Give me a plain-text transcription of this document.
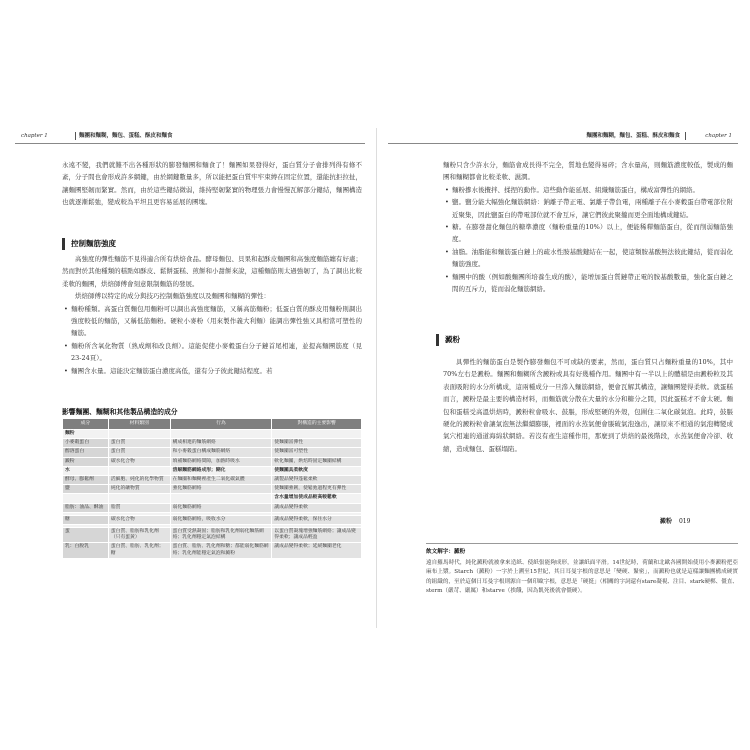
chapter 1	麵團和麵糊，麵包、蛋糕、酥皮和麵食

永遠不變，我們就難不出各種形狀的膨發麵團和麵食了！麵團如果發得好，蛋白質分子會排列得有條不紊，分子間也會形成許多網鍵，由於網鍵數量多，所以能把蛋白質牢牢束縛在固定位置，還能抗拒拉扯，讓麵團堅韌而緊實。然而，由於這些鍵結微弱，維持堅韌緊實的物理張力會慢慢瓦解部分鍵結，麵團構造也就逐漸鬆弛，變成較為平坦且更容易延展的團塊。

控制麵筋強度

高強度的彈性麵筋不見得適合所有烘焙食品。酵母麵包、貝果和起酥皮麵團和高強度麵筋纏有好處；然而對於其他種類的糕點如酥皮、鬆餅蛋糕、煎餅和小甜餅來說，這種麵筋則太過強韌了，為了調出比較柔軟的麵團，烘焙師傅會刻意限制麵筋的發展。

烘焙師傅以特定的成分與技巧控制麵筋強度以及麵團和麵糊的彈性：

• 麵粉種類。高蛋白質麵包用麵粉可以調出高強度麵筋，又稱高筋麵粉；低蛋白質的酥皮用麵粉則調出強度較低的麵筋，又稱低筋麵粉。硬粒小麥粉（用來製作義大利麵）能調出彈性強又具相當可塑性的麵筋。

• 麵粉所含氧化物質（熟成劑和改良劑）。這能促使小麥穀蛋白分子鏈首尾相連，並提高麵團筋度（見23-24頁）。

• 麵團含水量。這能決定麵筋蛋白濃度高低，還有分子彼此鍵結程度。若

影響麵團、麵糊和其他製品構造的成分
成分	材料類別	行為	對構造的主要影響
麵粉			
小麥穀蛋白	蛋白質	構成相連的麵筋網絡	使麵團富彈性
醇溶蛋白	蛋白質	和小麥穀蛋白構成麵筋網絡	使麵團富可塑性
澱粉	碳水化合物	填補麵筋網絡間隙，加熱時吸水	軟化麵團，烘焙時固定麵團結構
水		溶解麵筋網絡成形；糊化	使麵團具柔軟度
酵母、膨鬆劑	活細胞、純化的化學物質	在麵團和麵糊裡產生二氧化碳氣體	讓製品變得蓬鬆柔軟
鹽	純化的礦物質	強化麵筋網絡	使麵團強韌，使鬆弛過程更有彈性
			含水量增加使成品較高較鬆軟
脂肪：油品、酥油	脂質	弱化麵筋網絡	讓成品變得柔軟

糖	碳水化合物	弱化麵筋網絡，吸收水分	讓成品變得柔軟，保住水分

蛋	蛋白質、脂肪和乳化劑（只有蛋黃）	蛋白質受熱凝固；脂肪和乳化劑弱化麵筋網絡；乳化劑穩定氣泡結構	以蛋白質凝塊增強麵筋網絡；讓成品變得柔軟；讓成品輕盈
乳：白脫乳	蛋白質、脂肪、乳化劑；糖	蛋白質、脂肪、乳化劑和糖；都能弱化麵筋網絡；乳化劑能穩定氣泡和澱粉	讓成品變得柔軟；延緩麵團老化
麵團和麵糊，麵包、蛋糕、酥皮和麵食	chapter 1

麵粉只含少許水分，麵筋會成長得不完全，質地也變得易碎；含水量高，則麵筋濃度較低，製成的麵團和麵糊都會比較柔軟、濕潤。

• 麵粉摻水後攪拌、揉捏的動作。這些動作能延展、組織麵筋蛋白，構成富彈性的網絡。

• 鹽。鹽分能大幅強化麵筋網絡：鈉離子帶正電、氯離子帶負電，兩種離子在小麥穀蛋白帶電部位附近聚集，因此鹽蛋白的帶電部位就不會互斥，讓它們彼此聚攏而更全面地構成鍵結。

• 糖。在膨發甜化麵包的糖準濃度（麵粉重量的10%）以上，便能稀釋麵筋蛋白，從而削弱麵筋強度。

• 油脂。油脂能和麵筋蛋白鏈上的疏水性胺基酸鍵結在一起，使這類胺基酸無法彼此鍵結，從而弱化麵筋強度。

• 麵團中的酸（例如酸麵團所培養生成的酸），能增加蛋白質鏈帶正電的胺基酸數量，強化蛋白鏈之間的互斥力，從而弱化麵筋網絡。

澱粉

具彈性的麵筋蛋白是製作膨發麵包不可或缺的要素，然而，蛋白質只占麵粉重量的10%，其中70%左右是澱粉。麵團和麵糊所含澱粉或具有好幾種作用。麵團中有一半以上的體積是由澱粉粒及其表面吸附的水分所構成，這兩種成分一旦滲入麵筋網絡，便會瓦解其構造，讓麵團變得柔軟。就蛋糕而言，澱粉是最主要的構造材料，而麵筋就分散在大量的水分和糖分之間，因此蛋糕才不會太硬。麵包和蛋糕受高溫烘焙時，澱粉粒會吸水、鼓脹，形成堅硬的外殼，包圍住二氧化碳氣泡。此時，鼓脹硬化的澱粉粒會讓氣泡無法繼續膨脹，裡面的水蒸氣便會脹破氣泡逸出，讓原來不相通的氣泡轉變成氣穴相連的通道海綿狀網絡。若沒有產生這種作用，那麼到了烘焙的最後階段，水蒸氣便會冷卻、收縮，造成麵包、蛋糕塌陷。

澱粉 019
飲文解字：澱粉
遠自羅馬時代，純化澱粉就被拿來造紙、使紙張能夠成形，並讓紙面平滑。14世紀時，荷蘭和北歐各國開始使用小麥澱粉把亞麻布上漿。Starch（澱粉）一字於上溯至15世紀，其日耳曼字根的意思是「變硬、緊密」，而澱粉也就是這樣讓麵團構成硬實的組織的，至於這個日耳曼字根則源自一個印歐字根，意思是「硬挺」（相關的字詞還有stare凝視、注目、stark硬梆、僵直、sterm（嚴苛、嚴厲）和starve（挨餓，因為飢死後就會僵硬）。
